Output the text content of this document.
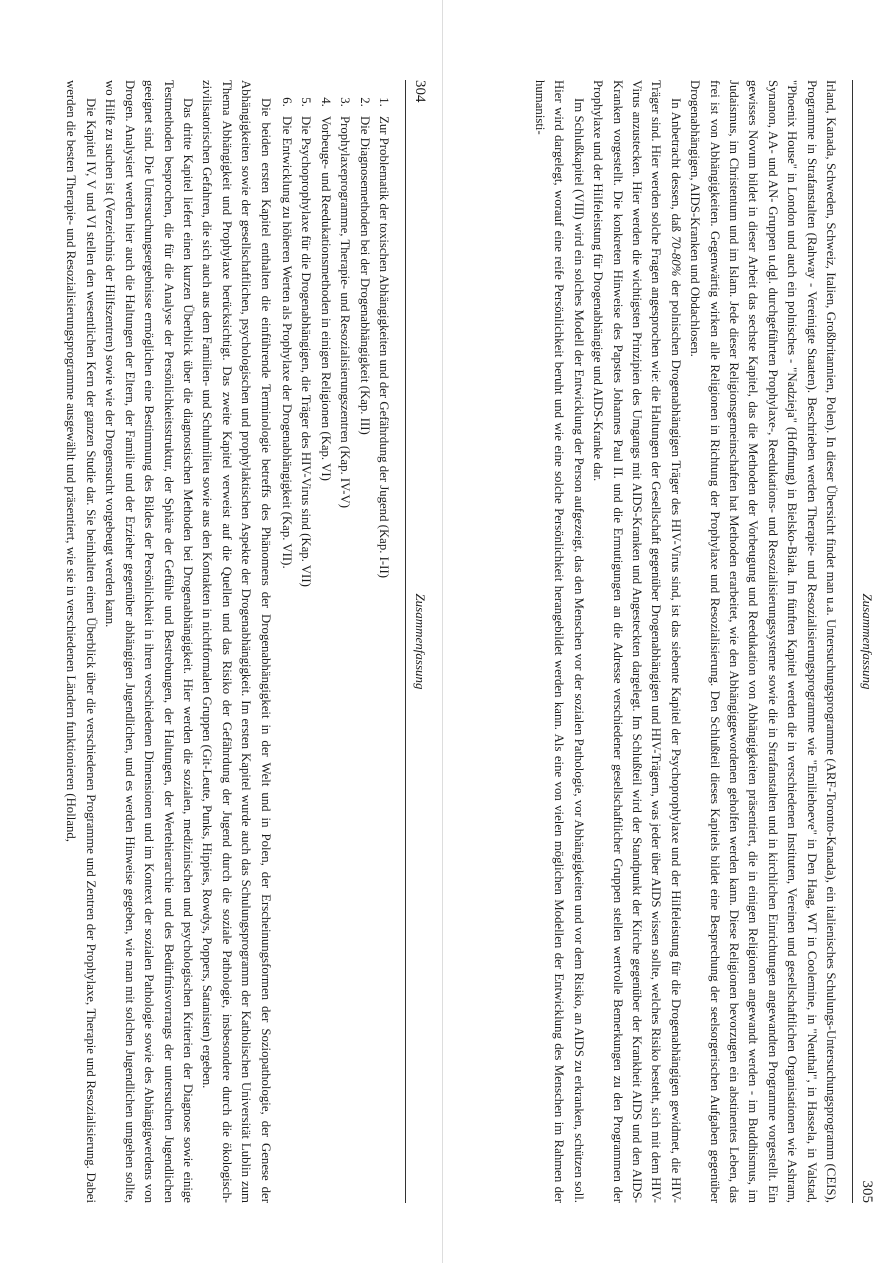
304
Zusammenfassung
1. Zur Problematik der toxischen Abhängigkeiten und der Gefährdung der Jugend (Kap. I-II)
2. Die Diagnosemethoden bei der Drogenabhängigkeit (Kap. III)
3. Prophylaxeprogramme, Therapie- und Resozialisierungszentren (Kap. IV-V)
4. Vorbeuge- und Reedukationsmethoden in einigen Religionen (Kap. VI)
5. Die Psychoprophylaxe für die Drogenabhängigen, die Träger des HIV-Virus sind (Kap. VII)
6. Die Entwicklung zu höheren Werten als Prophylaxe der Drogenabhängigkeit (Kap. VII).

Die beiden ersten Kapitel enthalten die einführende Terminologie betreffs des Phänomens der Drogenabhängigkeit in der Welt und in Polen, der Erscheinungsformen der Soziopathologie, der Genese der Abhängigkeiten sowie der gesellschaftlichen, psychologischen und prophylaktischen Aspekte der Drogenabhängigkeit. Im ersten Kapitel wurde auch das Schulungsprogramm der Katholischen Universität Lublin zum Thema Abhängigkeit und Prophylaxe berücksichtigt. Das zweite Kapitel verweist auf die Quellen und das Risiko der Gefährdung der Jugend durch die soziale Pathologie, insbesondere durch die ökologisch-zivilisatorischen Gefahren, die sich auch aus dem Familien- und Schulmilieu sowie aus den Kontakten in nichtformalen Gruppen (Git-Leute, Punks, Hippies, Rowdys, Poppers, Satanisten) ergeben.

Das dritte Kapitel liefert einen kurzen Überblick über die diagnostischen Methoden bei Drogenabhängigkeit. Hier werden die sozialen, medizinischen und psychologischen Kriterien der Diagnose sowie einige Testmethoden besprochen, die für die Analyse der Persönlichkeitsstruktur, der Sphäre der Gefühle und Bestrebungen, der Haltungen, der Wertehierarchie und des Bedürfnisvorrangs der untersuchten Jugendlichen geeignet sind. Die Untersuchungsergebnisse ermöglichen eine Bestimmung des Bildes der Persönlichkeit in ihren verschiedenen Dimensionen und im Kontext der sozialen Pathologie sowie des Abhängigwerdens von Drogen. Analysiert werden hier auch die Haltungen der Eltern, der Familie und der Erzieher gegenüber abhängigen Jugendlichen, und es werden Hinweise gegeben, wie man mit solchen Jugendlichen umgehen sollte, wo Hilfe zu suchen ist (Verzeichnis der Hilfszentren) sowie wie der Drogensucht vorgebeugt werden kann.

Die Kapitel IV, V und VI stellen den wesentlichen Kern der ganzen Studie dar. Sie beinhalten einen Überblick über die verschiedenen Programme und Zentren der Prophylaxe, Therapie und Resozialisierung. Dabei werden die besten Therapie- und Resozialisierungsprogramme ausgewählt und präsentiert, wie sie in verschiedenen Ländern funktionieren (Holland,	Zusammenfassung
305

Irland, Kanada, Schweden, Schweiz, Italien, Großbritannien, Polen). In dieser Übersicht findet man u.a. Untersuchungsprogramme (ARF-Toronto-Kanada), ein italienisches Schulungs-Untersuchungsprogramm (CEIS), Programme in Strafanstalten (Rahway - Vereinigte Staaten). Beschrieben werden Therapie- und Resozialisierungsprogramme wie "Emiliehoeve" in Den Haag, WT in Coolemine, in "Neuthal", in Hassela, in Valstad, "Phoenix House" in London und auch ein polnisches - "Nadzieja" (Hoffnung) in Bielsko-Biała. Im fünften Kapitel werden die in verschiedenen Instituten, Vereinen und gesellschaftlichen Organisationen wie Ashram, Synanon, AA- und AN- Gruppen u.dgl. durchgeführten Prophylaxe-, Reedukations- und Resozialisierungssysteme sowie die in Strafanstalten und in kirchlichen Einrichtungen angewandten Programme vorgestellt. Ein gewisses Novum bildet in dieser Arbeit das sechste Kapitel, das die Methoden der Vorbeugung und Reedukation von Abhängigkeiten präsentiert, die in einigen Religionen angewandt werden - im Buddhismus, im Judaismus, im Christentum und im Islam. Jede dieser Religionsgemeinschaften hat Methoden erarbeitet, wie den Abhängiggewordenen geholfen werden kann. Diese Religionen bevorzugen ein abstinentes Leben, das frei ist von Abhängigkeiten. Gegenwärtig wirken alle Religionen in Richtung der Prophylaxe und Resozialisierung. Den Schlußteil dieses Kapitels bildet eine Besprechung der seelsorgerischen Aufgaben gegenüber Drogenabhängigen, AIDS-Kranken und Obdachlosen.

In Anbetracht dessen, daß 70-80% der polnischen Drogenabhängigen Träger des HIV-Virus sind, ist das siebente Kapitel der Psychoprophylaxe und der Hilfeleistung für die Drogenabhängigen gewidmet, die HIV-Träger sind. Hier werden solche Fragen angesprochen wie: die Haltungen der Gesellschaft gegenüber Drogenabhängigen und HIV-Trägern, was jeder über AIDS wissen sollte, welches Risiko besteht, sich mit dem HIV-Virus anzustecken. Hier werden die wichtigsten Prinzipien des Umgangs mit AIDS-Kranken und Angesteckten dargelegt. Im Schlußteil wird der Standpunkt der Kirche gegenüber der Krankheit AIDS und den AIDS-Kranken vorgestellt. Die konkreten Hinweise des Papstes Johannes Paul II. und die Ermutigungen an die Adresse verschiedener gesellschaftlicher Gruppen stellen wertvolle Bemerkungen zu den Programmen der Prophylaxe und der Hilfeleistung für Drogenabhängige und AIDS-Kranke dar.

Im Schlußkapitel (VIII) wird ein solches Modell der Entwicklung der Person aufgezeigt, das den Menschen vor der sozialen Pathologie, vor Abhängigkeiten und vor dem Risiko, an AIDS zu erkranken, schützen soll. Hier wird dargelegt, worauf eine reife Persönlichkeit beruht und wie eine solche Persönlichkeit herangebildet werden kann. Als eine von vielen möglichen Modellen der Entwicklung des Menschen im Rahmen der humanisti-
